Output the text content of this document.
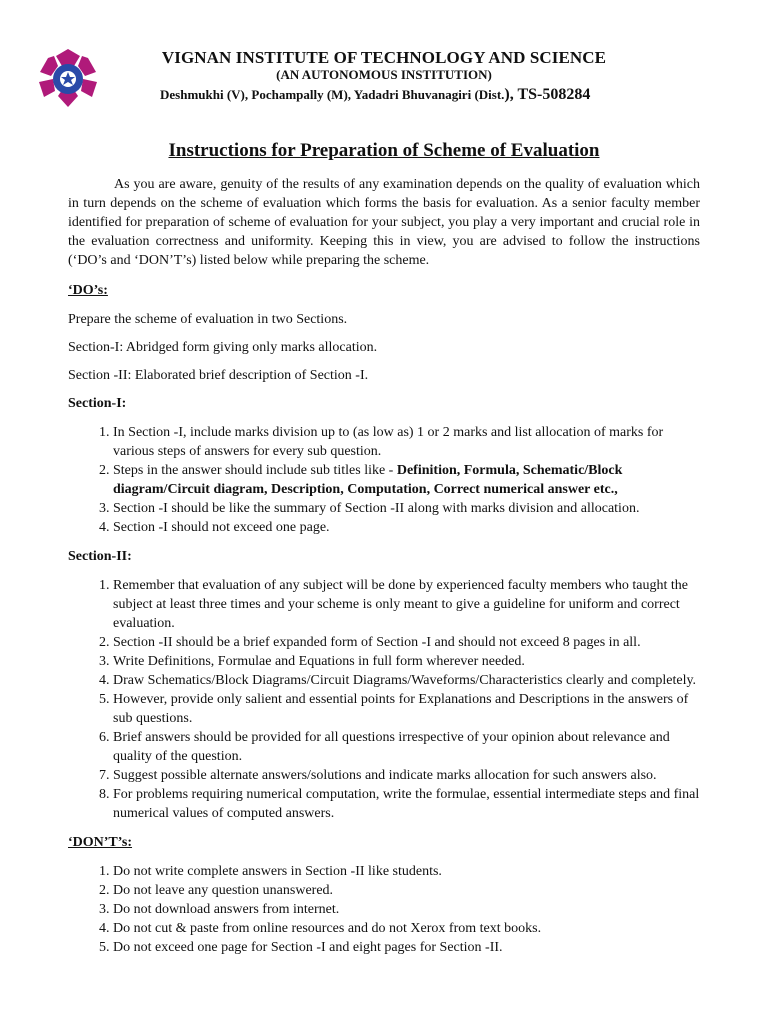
VIGNAN INSTITUTE OF TECHNOLOGY AND SCIENCE
(AN AUTONOMOUS INSTITUTION)
Deshmukhi (V), Pochampally (M), Yadadri Bhuvanagiri (Dist.), TS-508284
Instructions for Preparation of Scheme of Evaluation

As you are aware, genuity of the results of any examination depends on the quality of evaluation which in turn depends on the scheme of evaluation which forms the basis for evaluation. As a senior faculty member identified for preparation of scheme of evaluation for your subject, you play a very important and crucial role in the evaluation correctness and uniformity. Keeping this in view, you are advised to follow the instructions (‘DO’s and ‘DON’T’s) listed below while preparing the scheme.

‘DO’s:

Prepare the scheme of evaluation in two Sections.

Section-I: Abridged form giving only marks allocation.

Section -II: Elaborated brief description of Section -I.

Section-I:

1. In Section -I, include marks division up to (as low as) 1 or 2 marks and list allocation of marks for various steps of answers for every sub question.
2. Steps in the answer should include sub titles like - Definition, Formula, Schematic/Block diagram/Circuit diagram, Description, Computation, Correct numerical answer etc.,
3. Section -I should be like the summary of Section -II along with marks division and allocation.
4. Section -I should not exceed one page.

Section-II:

1. Remember that evaluation of any subject will be done by experienced faculty members who taught the subject at least three times and your scheme is only meant to give a guideline for uniform and correct evaluation.
2. Section -II should be a brief expanded form of Section -I and should not exceed 8 pages in all.
3. Write Definitions, Formulae and Equations in full form wherever needed.
4. Draw Schematics/Block Diagrams/Circuit Diagrams/Waveforms/Characteristics clearly and completely.
5. However, provide only salient and essential points for Explanations and Descriptions in the answers of sub questions.
6. Brief answers should be provided for all questions irrespective of your opinion about relevance and quality of the question.
7. Suggest possible alternate answers/solutions and indicate marks allocation for such answers also.
8. For problems requiring numerical computation, write the formulae, essential intermediate steps and final numerical values of computed answers.

‘DON’T’s:

1. Do not write complete answers in Section -II like students.
2. Do not leave any question unanswered.
3. Do not download answers from internet.
4. Do not cut & paste from online resources and do not Xerox from text books.
5. Do not exceed one page for Section -I and eight pages for Section -II.
